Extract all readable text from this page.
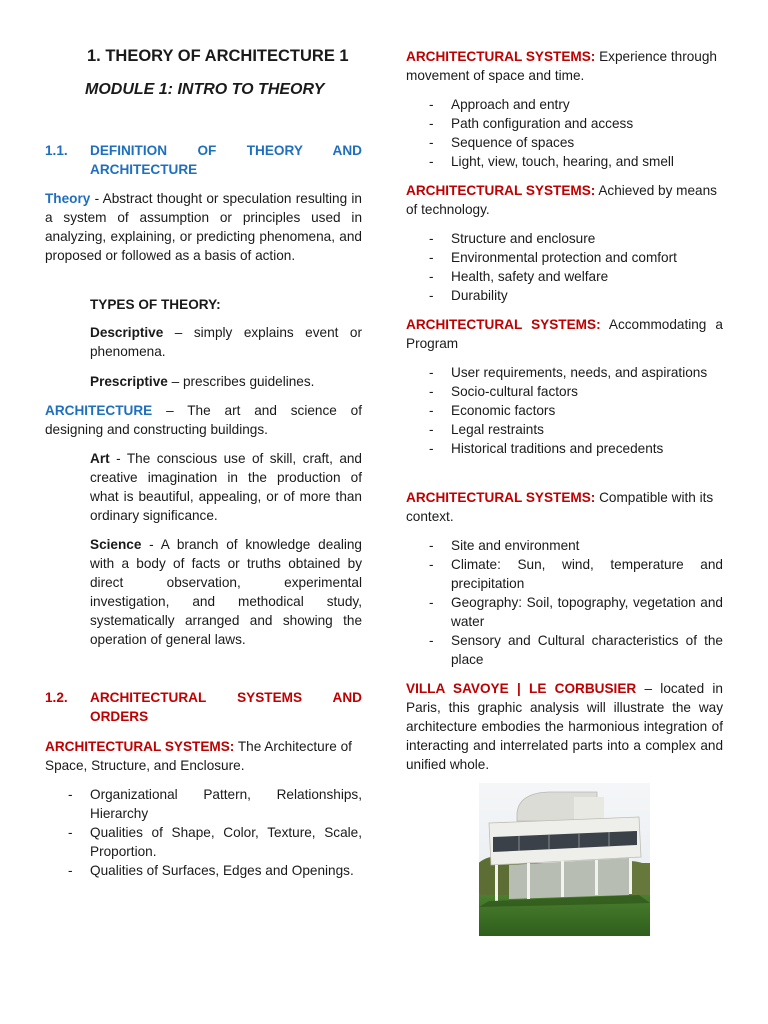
1. THEORY OF ARCHITECTURE 1
MODULE 1: INTRO TO THEORY
1.1.	DEFINITION OF THEORY AND ARCHITECTURE

Theory - Abstract thought or speculation resulting in a system of assumption or principles used in analyzing, explaining, or predicting phenomena, and proposed or followed as a basis of action.

TYPES OF THEORY:

Descriptive – simply explains event or phenomena.

Prescriptive – prescribes guidelines.

ARCHITECTURE – The art and science of designing and constructing buildings.

Art - The conscious use of skill, craft, and creative imagination in the production of what is beautiful, appealing, or of more than ordinary significance.

Science - A branch of knowledge dealing with a body of facts or truths obtained by direct observation, experimental investigation, and methodical study, systematically arranged and showing the operation of general laws.

1.2.	ARCHITECTURAL SYSTEMS AND ORDERS

ARCHITECTURAL SYSTEMS: The Architecture of Space, Structure, and Enclosure.

- Organizational Pattern, Relationships, Hierarchy
- Qualities of Shape, Color, Texture, Scale, Proportion.
- Qualities of Surfaces, Edges and Openings.

ARCHITECTURAL SYSTEMS: Experience through movement of space and time.

- Approach and entry
- Path configuration and access
- Sequence of spaces
- Light, view, touch, hearing, and smell

ARCHITECTURAL SYSTEMS: Achieved by means of technology.

- Structure and enclosure
- Environmental protection and comfort
- Health, safety and welfare
- Durability

ARCHITECTURAL SYSTEMS: Accommodating a Program

- User requirements, needs, and aspirations
- Socio-cultural factors
- Economic factors
- Legal restraints
- Historical traditions and precedents

ARCHITECTURAL SYSTEMS: Compatible with its context.

- Site and environment
- Climate: Sun, wind, temperature and precipitation
- Geography: Soil, topography, vegetation and water
- Sensory and Cultural characteristics of the place

VILLA SAVOYE | LE CORBUSIER – located in Paris, this graphic analysis will illustrate the way architecture embodies the harmonious integration of interacting and interrelated parts into a complex and unified whole.
